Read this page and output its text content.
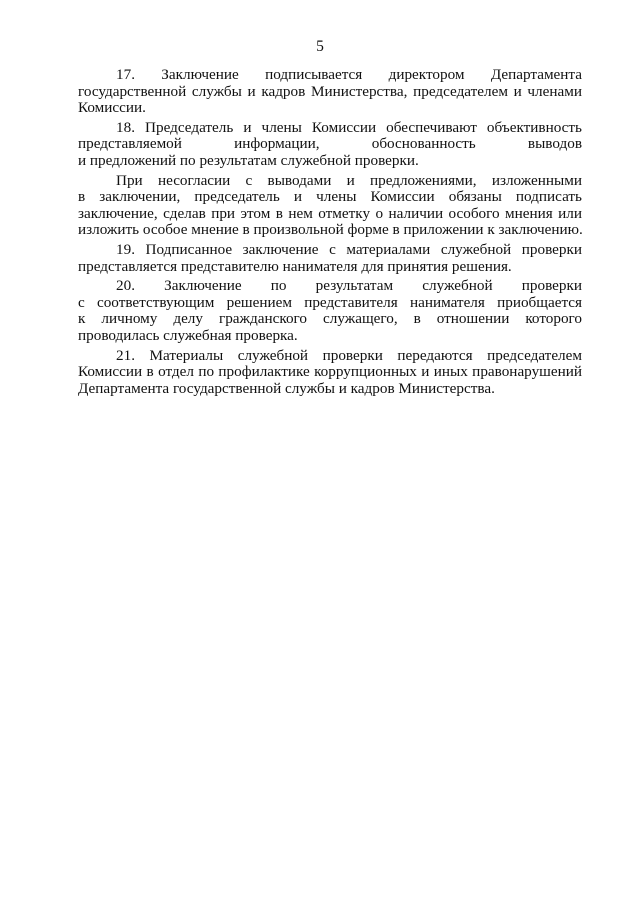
5

17. Заключение подписывается директором Департамента
государственной службы и кадров Министерства, председателем и членами
Комиссии.

18. Председатель и члены Комиссии обеспечивают объективность
представляемой информации, обоснованность выводов
и предложений по результатам служебной проверки.

При несогласии с выводами и предложениями, изложенными
в заключении, председатель и члены Комиссии обязаны подписать
заключение, сделав при этом в нем отметку о наличии особого мнения или
изложить особое мнение в произвольной форме в приложении к заключению.

19. Подписанное заключение с материалами служебной проверки
представляется представителю нанимателя для принятия решения.

20. Заключение по результатам служебной проверки
с соответствующим решением представителя нанимателя приобщается
к личному делу гражданского служащего, в отношении которого
проводилась служебная проверка.

21. Материалы служебной проверки передаются председателем
Комиссии в отдел по профилактике коррупционных и иных правонарушений
Департамента государственной службы и кадров Министерства.
